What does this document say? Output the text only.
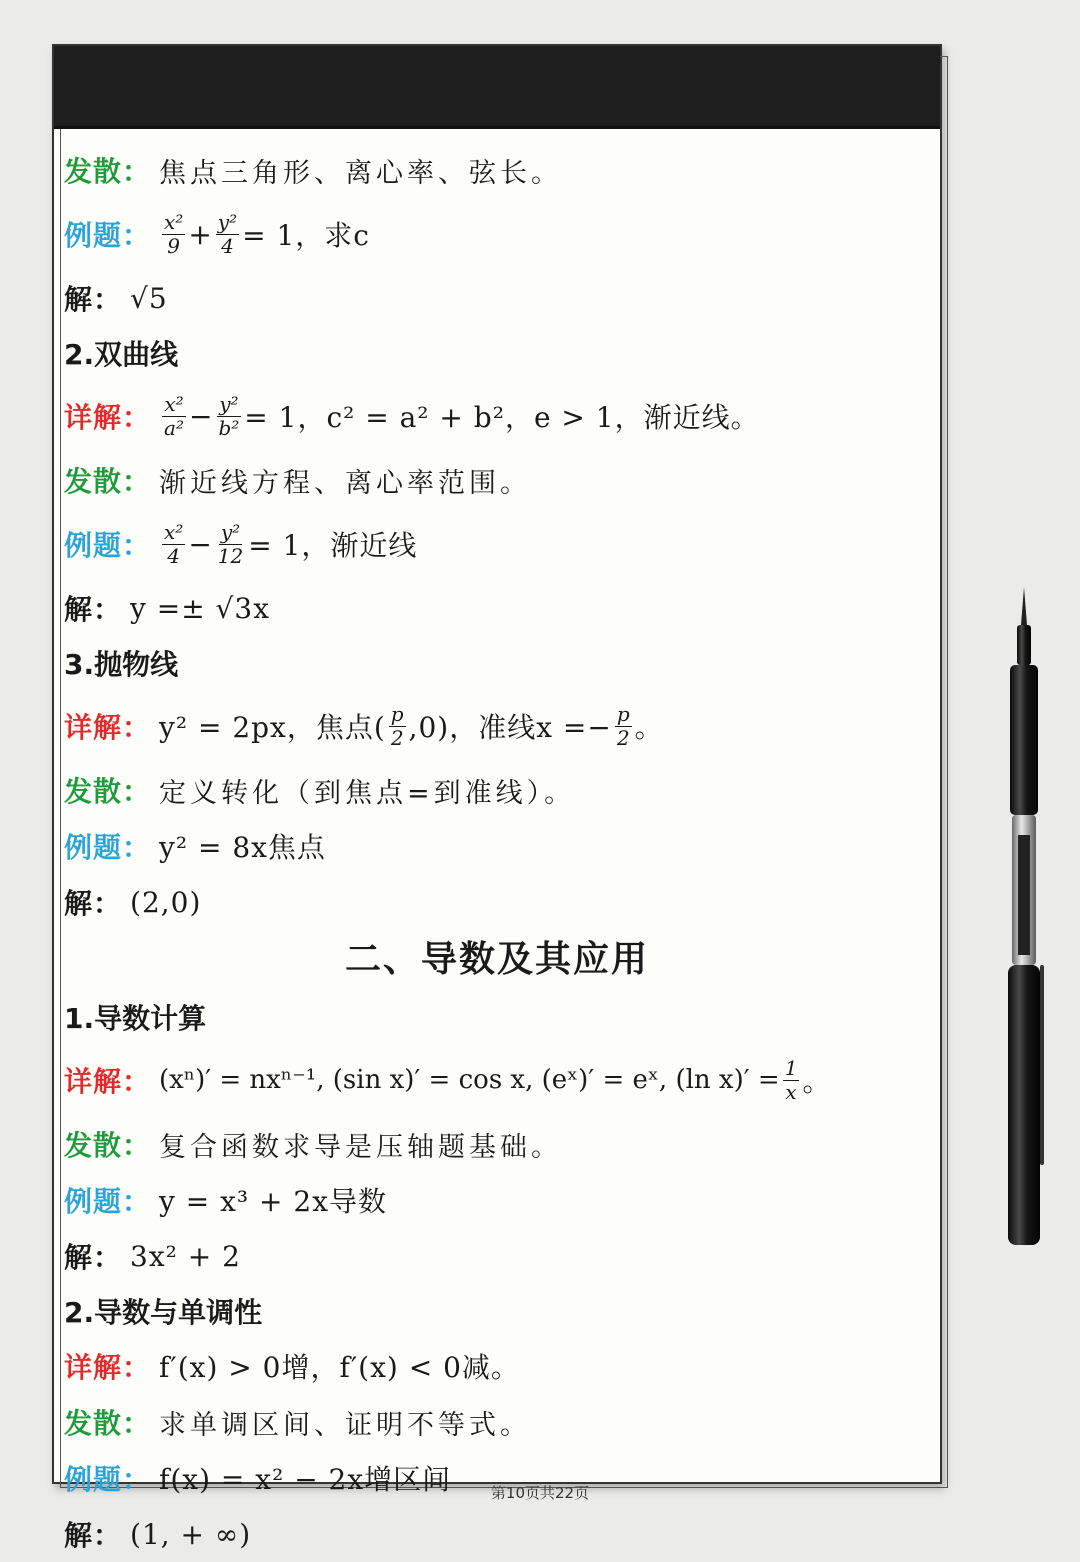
发散： 焦点三角形、离心率、弦长。
例题： $\frac{\text{x²}}{9} + \frac{\text{y²}}{4} = 1$，求c
解： √5
2.双曲线
详解： $\frac{\text{x²}}{\text{a²}} - \frac{\text{y²}}{\text{b²}} = 1$，c² = a² + b²，e > 1，渐近线。
发散： 渐近线方程、离心率范围。
例题： $\frac{\text{x²}}{4} - \frac{\text{y²}}{12} = 1$，渐近线
解： y =± √3x
3.抛物线
详解： y² = 2px，焦点( $\frac{p}{2} ,0$)，准线$x =- \frac{p}{2}$ 。
发散： 定义转化（到焦点=到准线）。
例题： y² = 8x焦点
解： (2,0)
二、导数及其应用
1.导数计算
详解： (xⁿ)′ = nxⁿ⁻¹, (sin x)′ = cos x, (eˣ)′ = eˣ, (ln $x)' = \frac{1}{x}$ 。
发散： 复合函数求导是压轴题基础。
例题： y = x³ + 2x导数
解： 3x² + 2
2.导数与单调性
详解： f′(x) > 0增，f′(x) < 0减。
发散： 求单调区间、证明不等式。
例题： f(x) = x² − 2x增区间
解： (1, + ∞)
第10页共22页
